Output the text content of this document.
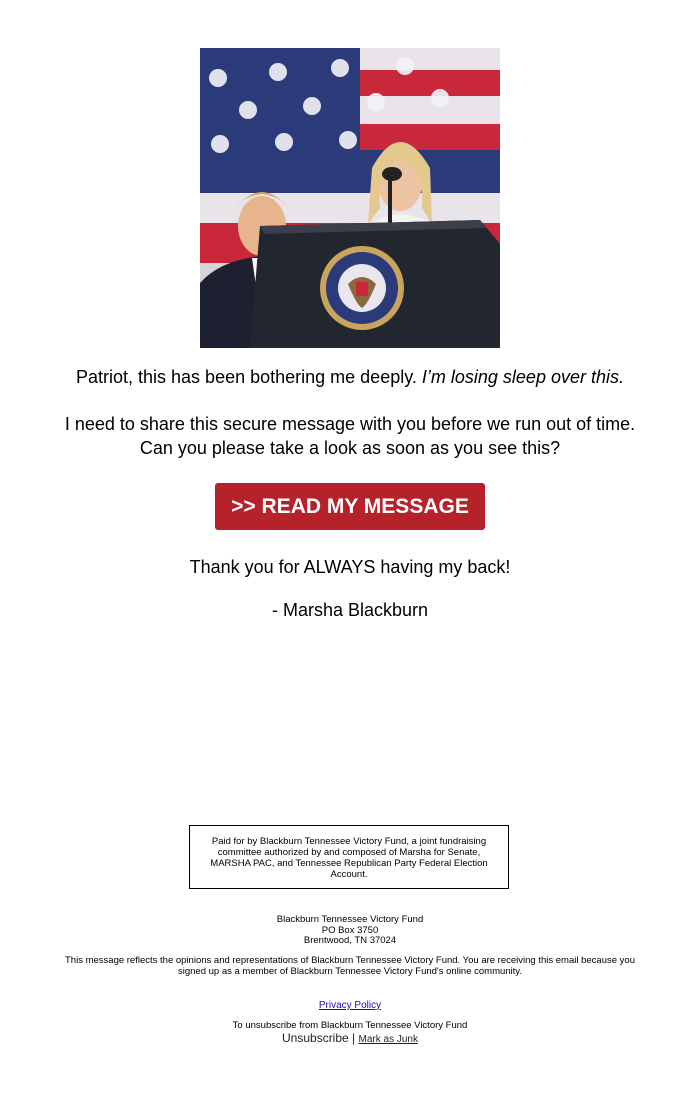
Patriot, this has been bothering me deeply. I’m losing sleep over this.

I need to share this secure message with you before we run out of time.
Can you please take a look as soon as you see this?
>> READ MY MESSAGE
Thank you for ALWAYS having my back!
- Marsha Blackburn
Paid for by Blackburn Tennessee Victory Fund, a joint fundraising committee authorized by and composed of Marsha for Senate, MARSHA PAC, and Tennessee Republican Party Federal Election Account.
Blackburn Tennessee Victory Fund
PO Box 3750
Brentwood, TN 37024
This message reflects the opinions and representations of Blackburn Tennessee Victory Fund. You are receiving this email because you signed up as a member of Blackburn Tennessee Victory Fund's online community.
Privacy Policy
To unsubscribe from Blackburn Tennessee Victory Fund
Unsubscribe | Mark as Junk
